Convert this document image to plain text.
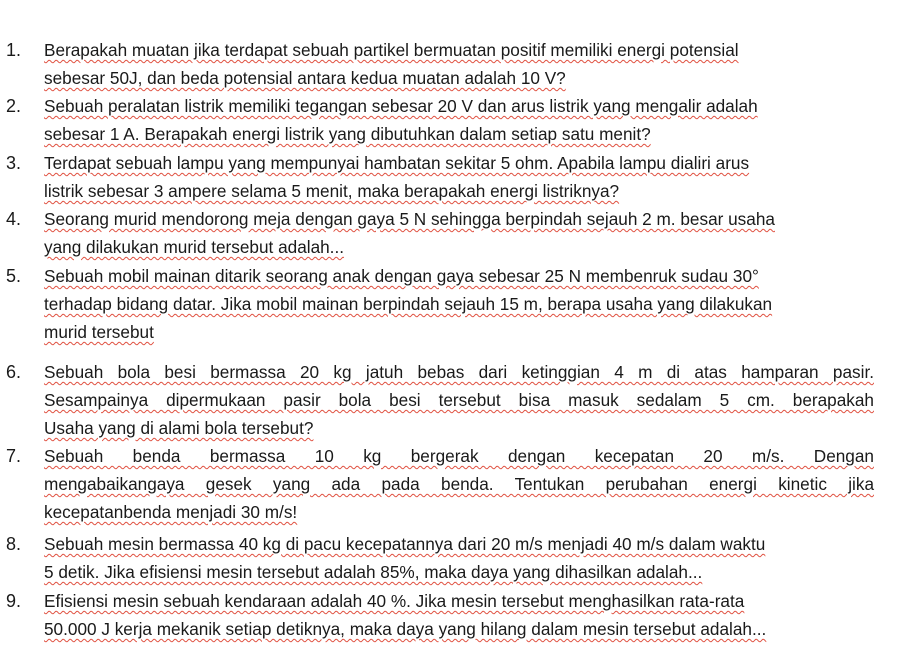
1. Berapakah muatan jika terdapat sebuah partikel bermuatan positif memiliki energi potensial
sebesar 50J, dan beda potensial antara kedua muatan adalah 10 V?
2. Sebuah peralatan listrik memiliki tegangan sebesar 20 V dan arus listrik yang mengalir adalah
sebesar 1 A. Berapakah energi listrik yang dibutuhkan dalam setiap satu menit?
3. Terdapat sebuah lampu yang mempunyai hambatan sekitar 5 ohm. Apabila lampu dialiri arus
listrik sebesar 3 ampere selama 5 menit, maka berapakah energi listriknya?
4. Seorang murid mendorong meja dengan gaya 5 N sehingga berpindah sejauh 2 m. besar usaha
yang dilakukan murid tersebut adalah...
5. Sebuah mobil mainan ditarik seorang anak dengan gaya sebesar 25 N membenruk sudau 30°
terhadap bidang datar. Jika mobil mainan berpindah sejauh 15 m, berapa usaha yang dilakukan
murid tersebut
6. Sebuah bola besi bermassa 20 kg jatuh bebas dari ketinggian 4 m di atas hamparan pasir.
Sesampainya dipermukaan pasir bola besi tersebut bisa masuk sedalam 5 cm. berapakah
Usaha yang di alami bola tersebut?
7. Sebuah benda bermassa 10 kg bergerak dengan kecepatan 20 m/s. Dengan
mengabaikangaya gesek yang ada pada benda. Tentukan perubahan energi kinetic jika
kecepatanbenda menjadi 30 m/s!
8. Sebuah mesin bermassa 40 kg di pacu kecepatannya dari 20 m/s menjadi 40 m/s dalam waktu
5 detik. Jika efisiensi mesin tersebut adalah 85%, maka daya yang dihasilkan adalah...
9. Efisiensi mesin sebuah kendaraan adalah 40 %. Jika mesin tersebut menghasilkan rata-rata
50.000 J kerja mekanik setiap detiknya, maka daya yang hilang dalam mesin tersebut adalah...
